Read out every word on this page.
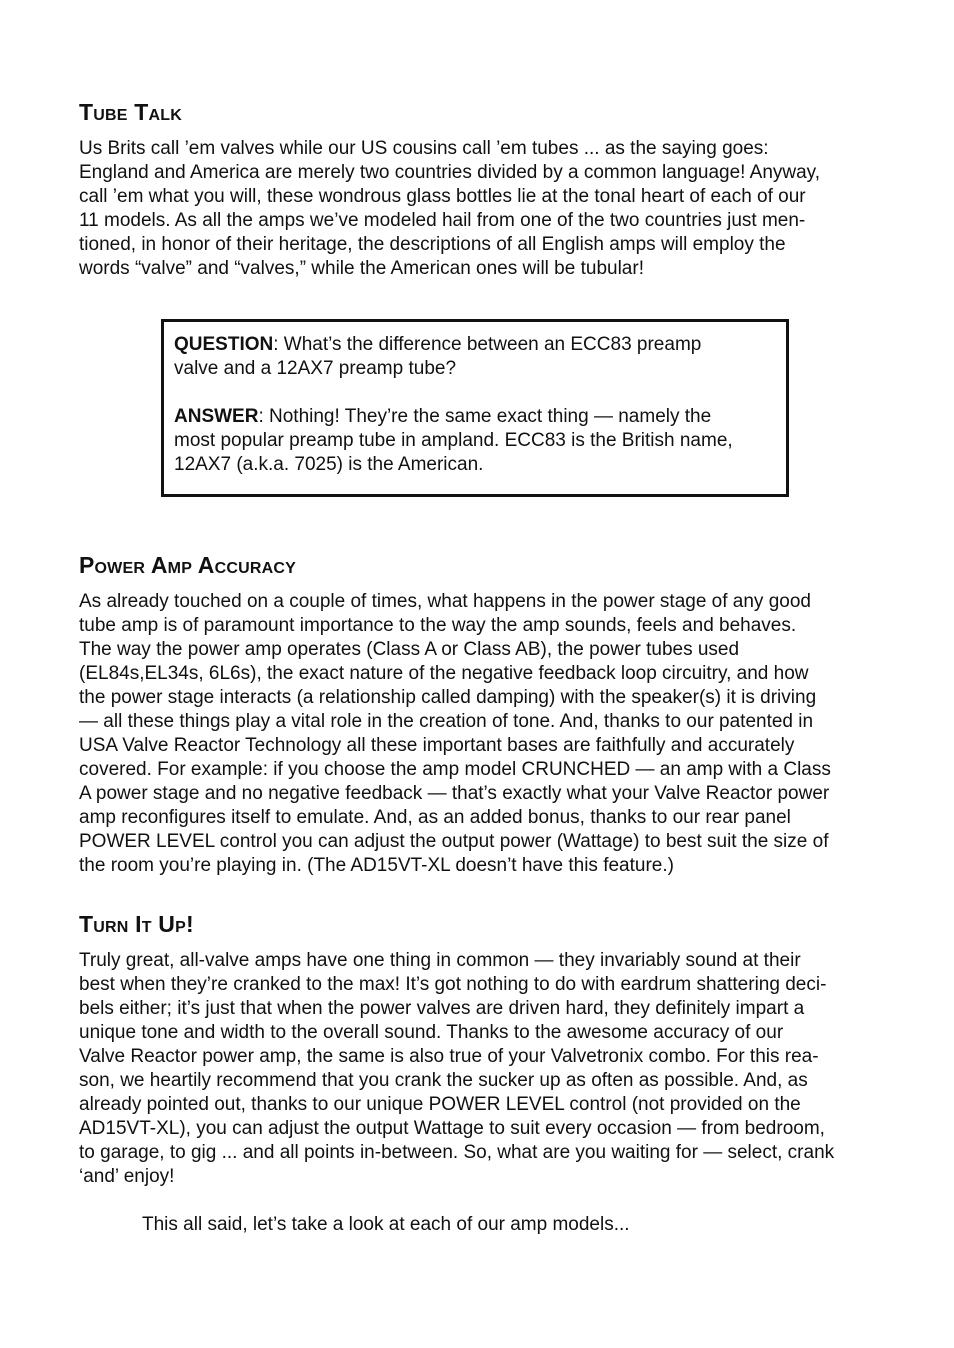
Tube Talk

Us Brits call ’em valves while our US cousins call ’em tubes ... as the saying goes:
England and America are merely two countries divided by a common language! Anyway,
call ’em what you will, these wondrous glass bottles lie at the tonal heart of each of our
11 models. As all the amps we’ve modeled hail from one of the two countries just men-
tioned, in honor of their heritage, the descriptions of all English amps will employ the
words “valve” and “valves,” while the American ones will be tubular!

QUESTION: What’s the difference between an ECC83 preamp
valve and a 12AX7 preamp tube?

ANSWER: Nothing! They’re the same exact thing — namely the
most popular preamp tube in ampland. ECC83 is the British name,
12AX7 (a.k.a. 7025) is the American.

Power Amp Accuracy

As already touched on a couple of times, what happens in the power stage of any good
tube amp is of paramount importance to the way the amp sounds, feels and behaves.
The way the power amp operates (Class A or Class AB), the power tubes used
(EL84s,EL34s, 6L6s), the exact nature of the negative feedback loop circuitry, and how
the power stage interacts (a relationship called damping) with the speaker(s) it is driving
— all these things play a vital role in the creation of tone. And, thanks to our patented in
USA Valve Reactor Technology all these important bases are faithfully and accurately
covered. For example: if you choose the amp model CRUNCHED — an amp with a Class
A power stage and no negative feedback — that’s exactly what your Valve Reactor power
amp reconfigures itself to emulate. And, as an added bonus, thanks to our rear panel
POWER LEVEL control you can adjust the output power (Wattage) to best suit the size of
the room you’re playing in. (The AD15VT-XL doesn’t have this feature.)

Turn It Up!

Truly great, all-valve amps have one thing in common — they invariably sound at their
best when they’re cranked to the max! It’s got nothing to do with eardrum shattering deci-
bels either; it’s just that when the power valves are driven hard, they definitely impart a
unique tone and width to the overall sound. Thanks to the awesome accuracy of our
Valve Reactor power amp, the same is also true of your Valvetronix combo. For this rea-
son, we heartily recommend that you crank the sucker up as often as possible. And, as
already pointed out, thanks to our unique POWER LEVEL control (not provided on the
AD15VT-XL), you can adjust the output Wattage to suit every occasion — from bedroom,
to garage, to gig ... and all points in-between. So, what are you waiting for — select, crank
‘and’ enjoy!

This all said, let’s take a look at each of our amp models...
